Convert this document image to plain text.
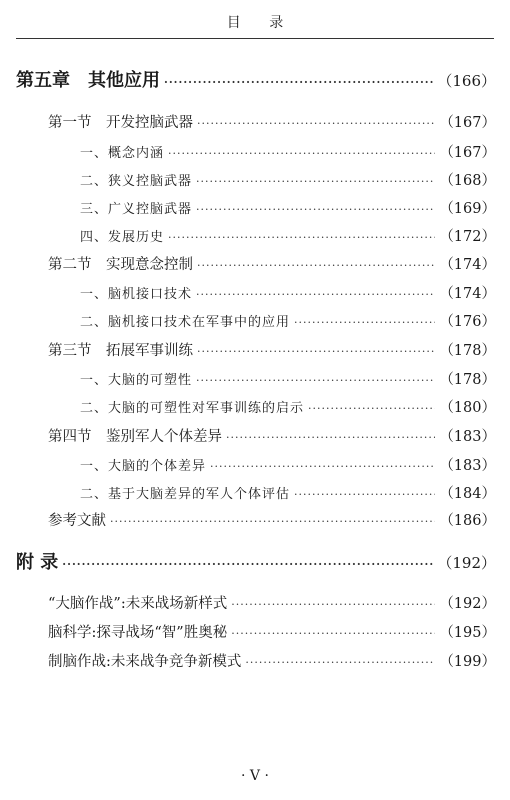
目 录
第五章　其他应用 ·····	（166）
第一节　开发控脑武器 ·····	（167）
一、概念内涵 ·····	（167）
二、狭义控脑武器 ·····	（168）
三、广义控脑武器 ·····	（169）
四、发展历史 ·····	（172）
第二节　实现意念控制 ·····	（174）
一、脑机接口技术 ·····	（174）
二、脑机接口技术在军事中的应用 ·····	（176）
第三节　拓展军事训练 ·····	（178）
一、大脑的可塑性 ·····	（178）
二、大脑的可塑性对军事训练的启示 ·····	（180）
第四节　鉴别军人个体差异 ·····	（183）
一、大脑的个体差异 ·····	（183）
二、基于大脑差异的军人个体评估 ·····	（184）
参考文献 ·····	（186）
附 录 ·····	（192）
“大脑作战”:未来战场新样式 ·····	（192）
脑科学:探寻战场“智”胜奥秘 ·····	（195）
制脑作战:未来战争竞争新模式 ·····	（199）
· V ·
